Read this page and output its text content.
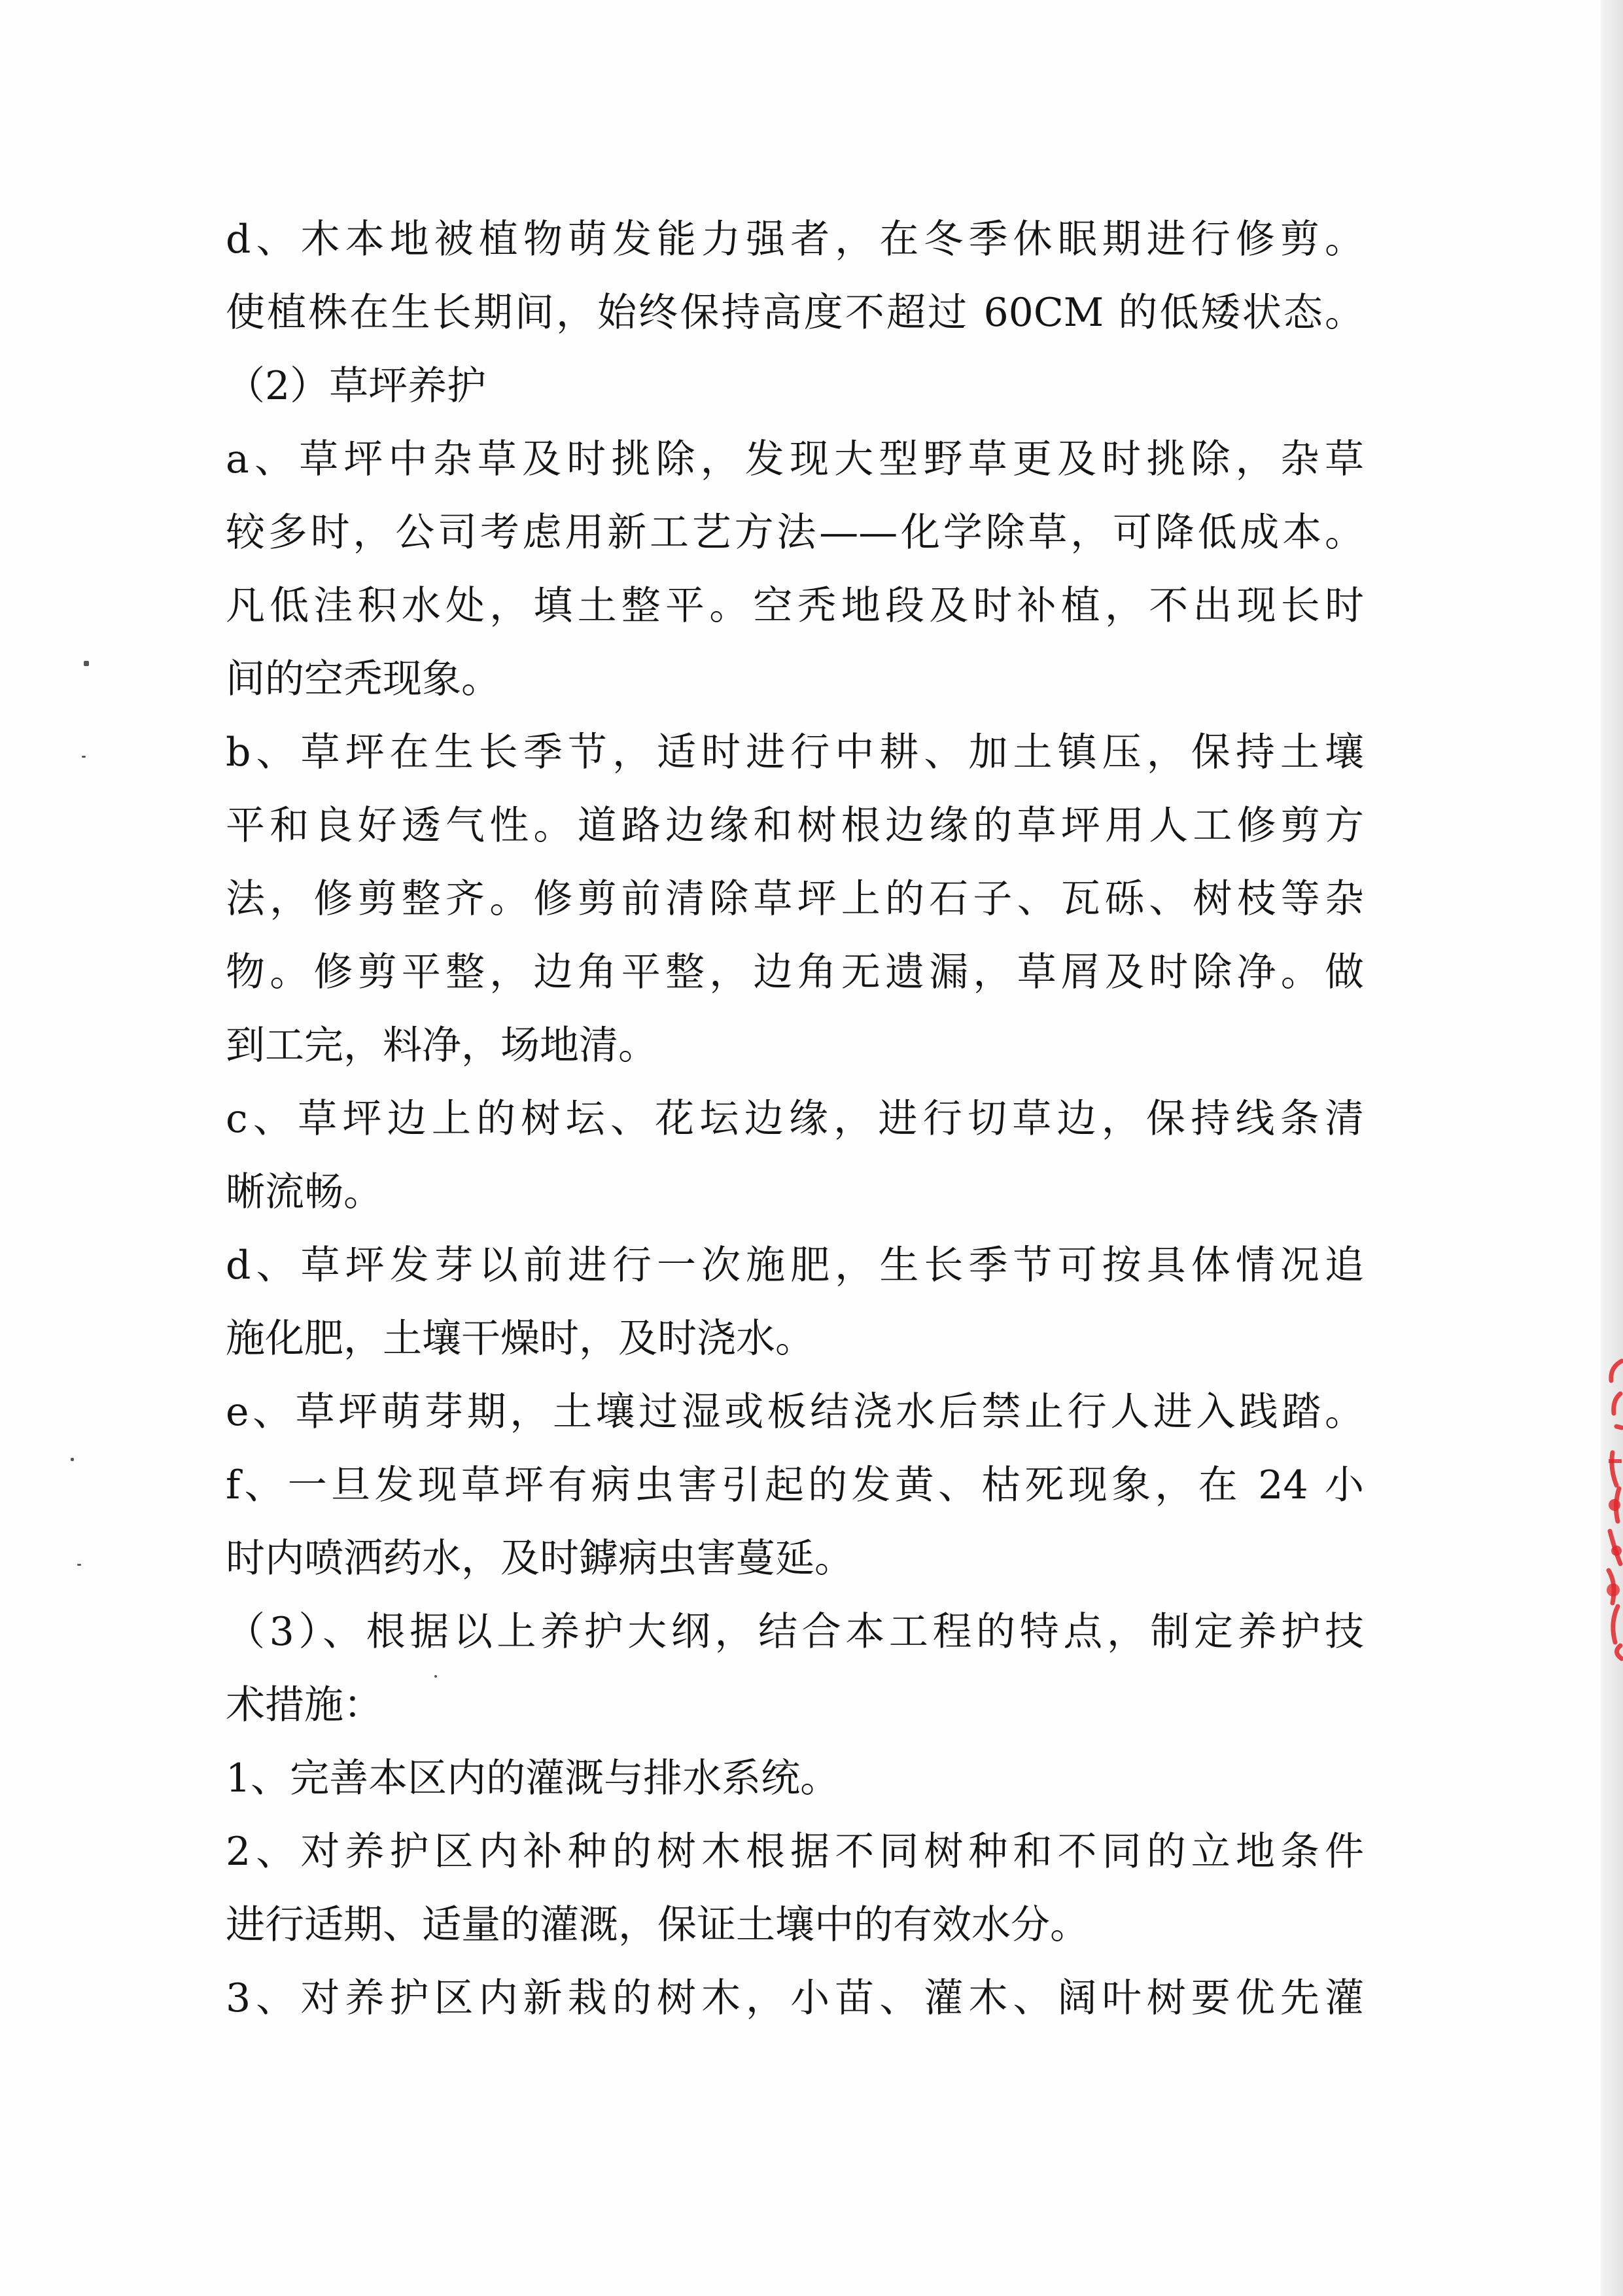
d、木本地被植物萌发能力强者，在冬季休眠期进行修剪。
使植株在生长期间，始终保持高度不超过 60CM 的低矮状态。
（2）草坪养护
a、草坪中杂草及时挑除，发现大型野草更及时挑除，杂草
较多时，公司考虑用新工艺方法——化学除草，可降低成本。
凡低洼积水处，填土整平。空秃地段及时补植，不出现长时
间的空秃现象。
b、草坪在生长季节，适时进行中耕、加土镇压，保持土壤
平和良好透气性。道路边缘和树根边缘的草坪用人工修剪方
法，修剪整齐。修剪前清除草坪上的石子、瓦砾、树枝等杂
物。修剪平整，边角平整，边角无遗漏，草屑及时除净。做
到工完，料净，场地清。
c、草坪边上的树坛、花坛边缘，进行切草边，保持线条清
晰流畅。
d、草坪发芽以前进行一次施肥，生长季节可按具体情况追
施化肥，土壤干燥时，及时浇水。
e、草坪萌芽期，土壤过湿或板结浇水后禁止行人进入践踏。
f、一旦发现草坪有病虫害引起的发黄、枯死现象，在 24 小
时内喷洒药水，及时鏬病虫害蔓延。
（3）、根据以上养护大纲，结合本工程的特点，制定养护技
术措施：
1、完善本区内的灌溉与排水系统。
2、对养护区内补种的树木根据不同树种和不同的立地条件
进行适期、适量的灌溉，保证土壤中的有效水分。
3、对养护区内新栽的树木，小苗、灌木、阔叶树要优先灌
